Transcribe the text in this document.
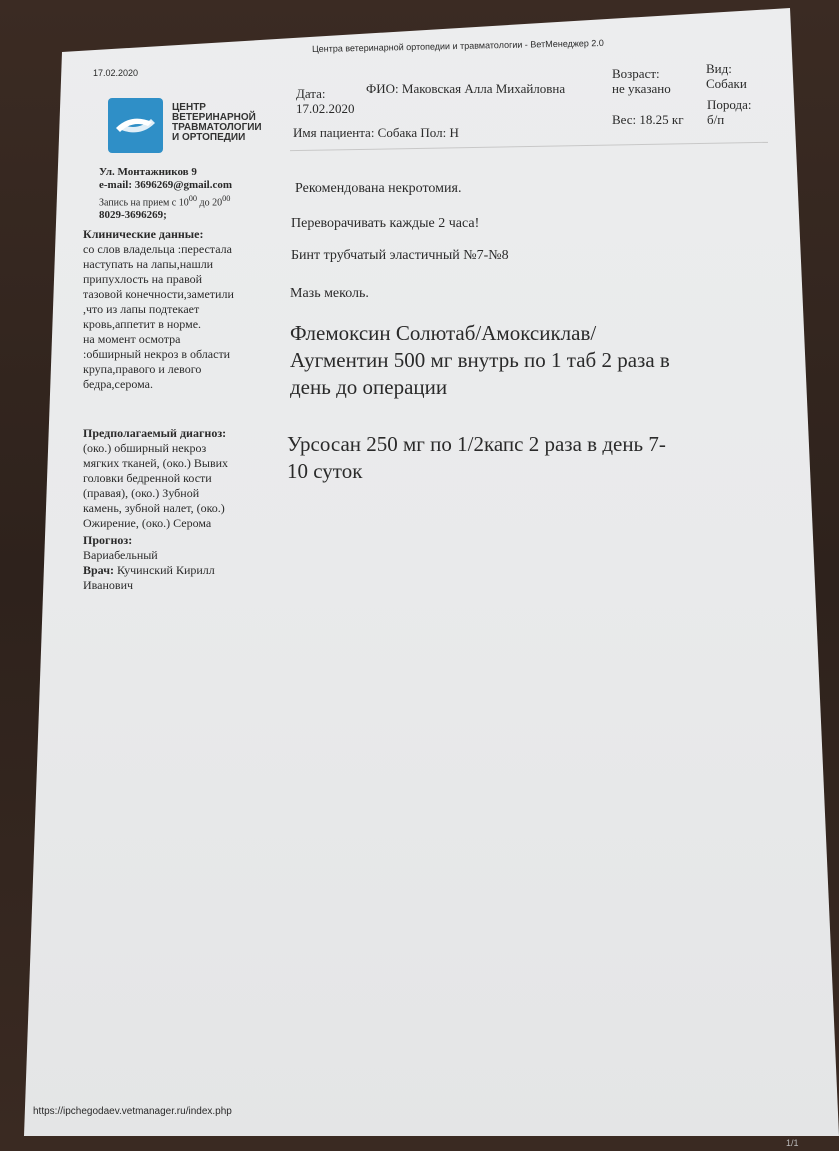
17.02.2020
Центра ветеринарной ортопедии и травматологии - ВетМенеджер 2.0
ЦЕНТР
ВЕТЕРИНАРНОЙ
ТРАВМАТОЛОГИИ
И ОРТОПЕДИИ
Ул. Монтажников 9
e-mail: 3696269@gmail.com
Запись на прием с $10^{00}$ до $20^{00}$
8029-3696269;
Клинические данные:
со слов владельца :перестала
наступать на лапы,нашли
припухлость на правой
тазовой конечности,заметили
,что из лапы подтекает
кровь,аппетит в норме.
на момент осмотра
:обширный некроз в области
крупа,правого и левого
бедра,серома.
Предполагаемый диагноз:
(око.) обширный некроз
мягких тканей, (око.) Вывих
головки бедренной кости
(правая), (око.) Зубной
камень, зубной налет, (око.)
Ожирение, (око.) Серома
Прогноз:
Вариабельный
Врач: Кучинский Кирилл
Иванович
Дата:
17.02.2020
ФИО: Маковская Алла Михайловна
Возраст:
не указано
Вид:
Собаки
Порода:
б/п
Вес: 18.25 кг
Имя пациента: Собака Пол: Н
Рекомендована некротомия.
Переворачивать каждые 2 часа!
Бинт трубчатый эластичный №7-№8
Мазь меколь.
Флемоксин Солютаб/Амоксиклав/
Аугментин 500 мг внутрь по 1 таб 2 раза в
день до операции
Урсосан 250 мг по 1/2капс 2 раза в день 7-
10 суток
https://ipchegodaev.vetmanager.ru/index.php
1/1
